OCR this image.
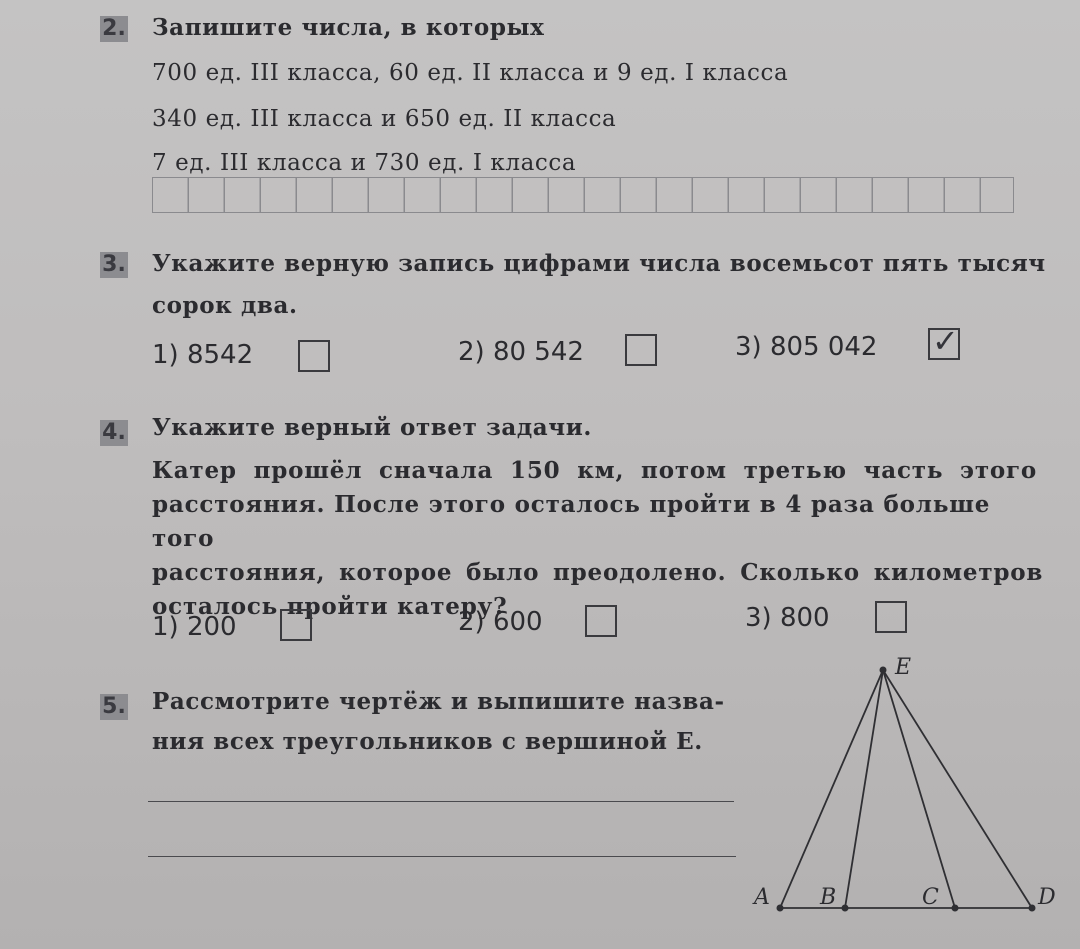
2. Запишите числа, в которых
700 ед. III класса, 60 ед. II класса и 9 ед. I класса
340 ед. III класса и 650 ед. II класса
7 ед. III класса и 730 ед. I класса
3. Укажите верную запись цифрами числа восемьсот пять тысяч
сорок два.
1) 8542	2) 80 542	3) 805 042 ✓
4. Укажите верный ответ задачи.
Катер прошёл сначала 150 км, потом третью часть этого
расстояния. После этого осталось пройти в 4 раза больше того
расстояния, которое было преодолено. Сколько километров
осталось пройти катеру?
1) 200	2) 600	3) 800
5. Рассмотрите чертёж и выпишите назва-
ния всех треугольников с вершиной E.
E
A B	C	D
